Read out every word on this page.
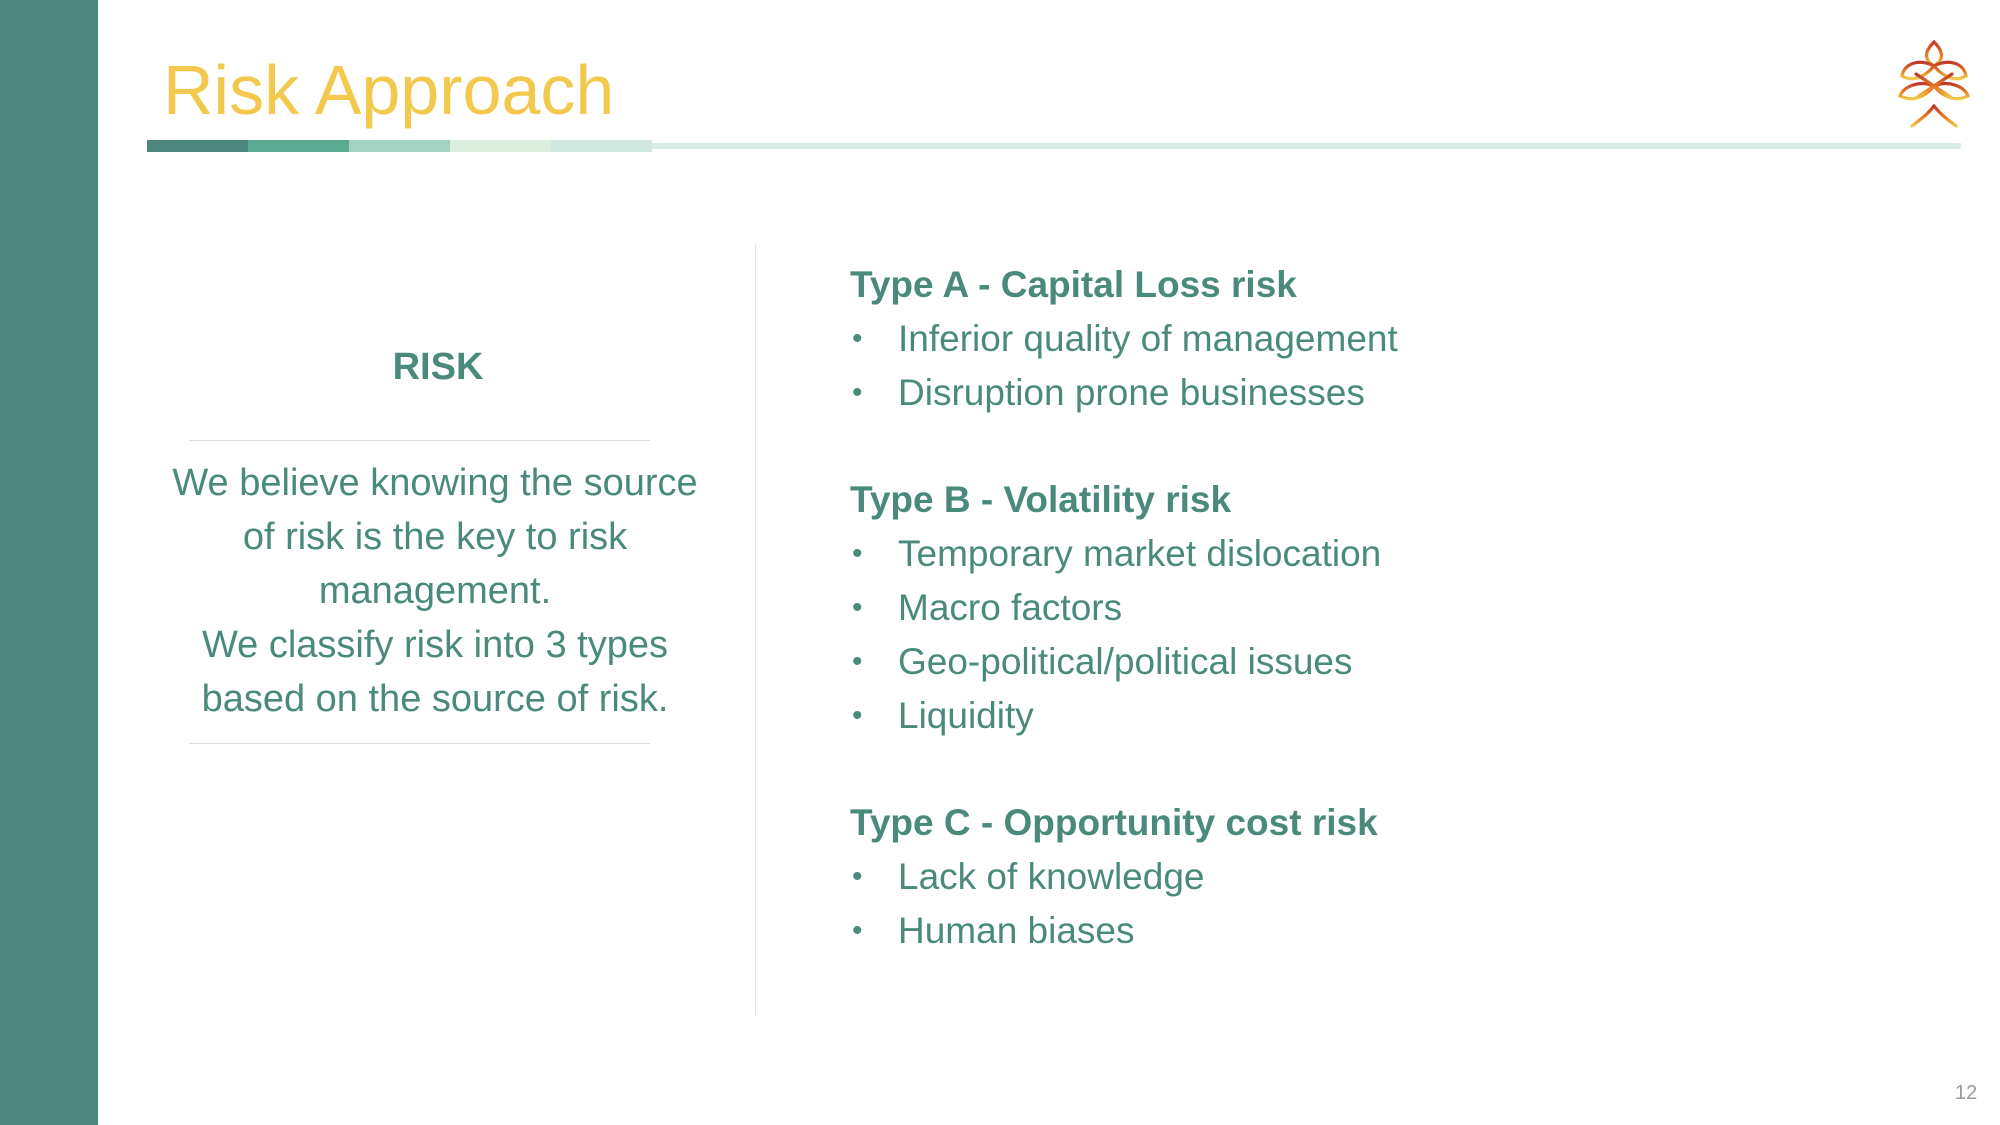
Risk Approach
RISK

We believe knowing the source of risk is the key to risk management.

We classify risk into 3 types based on the source of risk.

Type A - Capital Loss risk
• Inferior quality of management
• Disruption prone businesses
Type B - Volatility risk
• Temporary market dislocation
• Macro factors
• Geo-political/political issues
• Liquidity
Type C - Opportunity cost risk
• Lack of knowledge
• Human biases
12
